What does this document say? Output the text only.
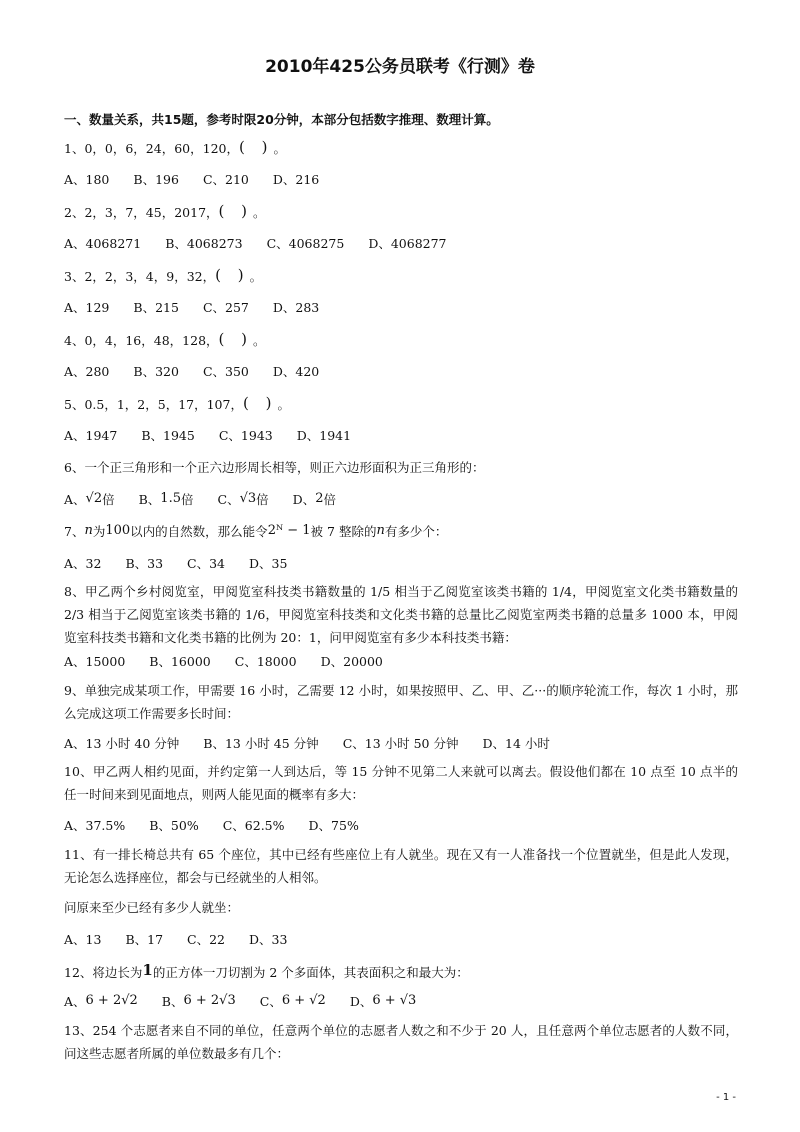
2010年425公务员联考《行测》卷
一、数量关系，共15题，参考时限20分钟，本部分包括数字推理、数理计算。
1、0，0，6，24，60，120，( )。
A、180 B、196 C、210 D、216
2、2，3，7，45，2017，( )。
A、4068271 B、4068273 C、4068275 D、4068277
3、2，2，3，4，9，32，( )。
A、129 B、215 C、257 D、283
4、0，4，16，48，128，( )。
A、280 B、320 C、350 D、420
5、0.5，1，2，5，17，107，( )。
A、1947 B、1945 C、1943 D、1941
6、一个正三角形和一个正六边形周长相等，则正六边形面积为正三角形的：
A、√2倍 B、1.5倍 C、√3倍 D、2倍
7、n为100以内的自然数，那么能令2ᴺ − 1被 7 整除的n有多少个：
A、32 B、33 C、34 D、35
8、甲乙两个乡村阅览室，甲阅览室科技类书籍数量的 1/5 相当于乙阅览室该类书籍的 1/4，甲阅览室文化类书籍数量的 2/3 相当于乙阅览室该类书籍的 1/6，甲阅览室科技类和文化类书籍的总量比乙阅览室两类书籍的总量多 1000 本，甲阅览室科技类书籍和文化类书籍的比例为 20：1，问甲阅览室有多少本科技类书籍：
A、15000 B、16000 C、18000 D、20000
9、单独完成某项工作，甲需要 16 小时，乙需要 12 小时，如果按照甲、乙、甲、乙···的顺序轮流工作，每次 1 小时，那么完成这项工作需要多长时间：
A、13 小时 40 分钟 B、13 小时 45 分钟 C、13 小时 50 分钟 D、14 小时
10、甲乙两人相约见面，并约定第一人到达后，等 15 分钟不见第二人来就可以离去。假设他们都在 10 点至 10 点半的任一时间来到见面地点，则两人能见面的概率有多大：
A、37.5% B、50% C、62.5% D、75%
11、有一排长椅总共有 65 个座位，其中已经有些座位上有人就坐。现在又有一人准备找一个位置就坐，但是此人发现，无论怎么选择座位，都会与已经就坐的人相邻。
问原来至少已经有多少人就坐：
A、13 B、17 C、22 D、33
12、将边长为1的正方体一刀切割为 2 个多面体，其表面积之和最大为：
A、6 + 2√2 B、6 + 2√3 C、6 + √2 D、6 + √3
13、254 个志愿者来自不同的单位，任意两个单位的志愿者人数之和不少于 20 人，且任意两个单位志愿者的人数不同，问这些志愿者所属的单位数最多有几个：
- 1 -
